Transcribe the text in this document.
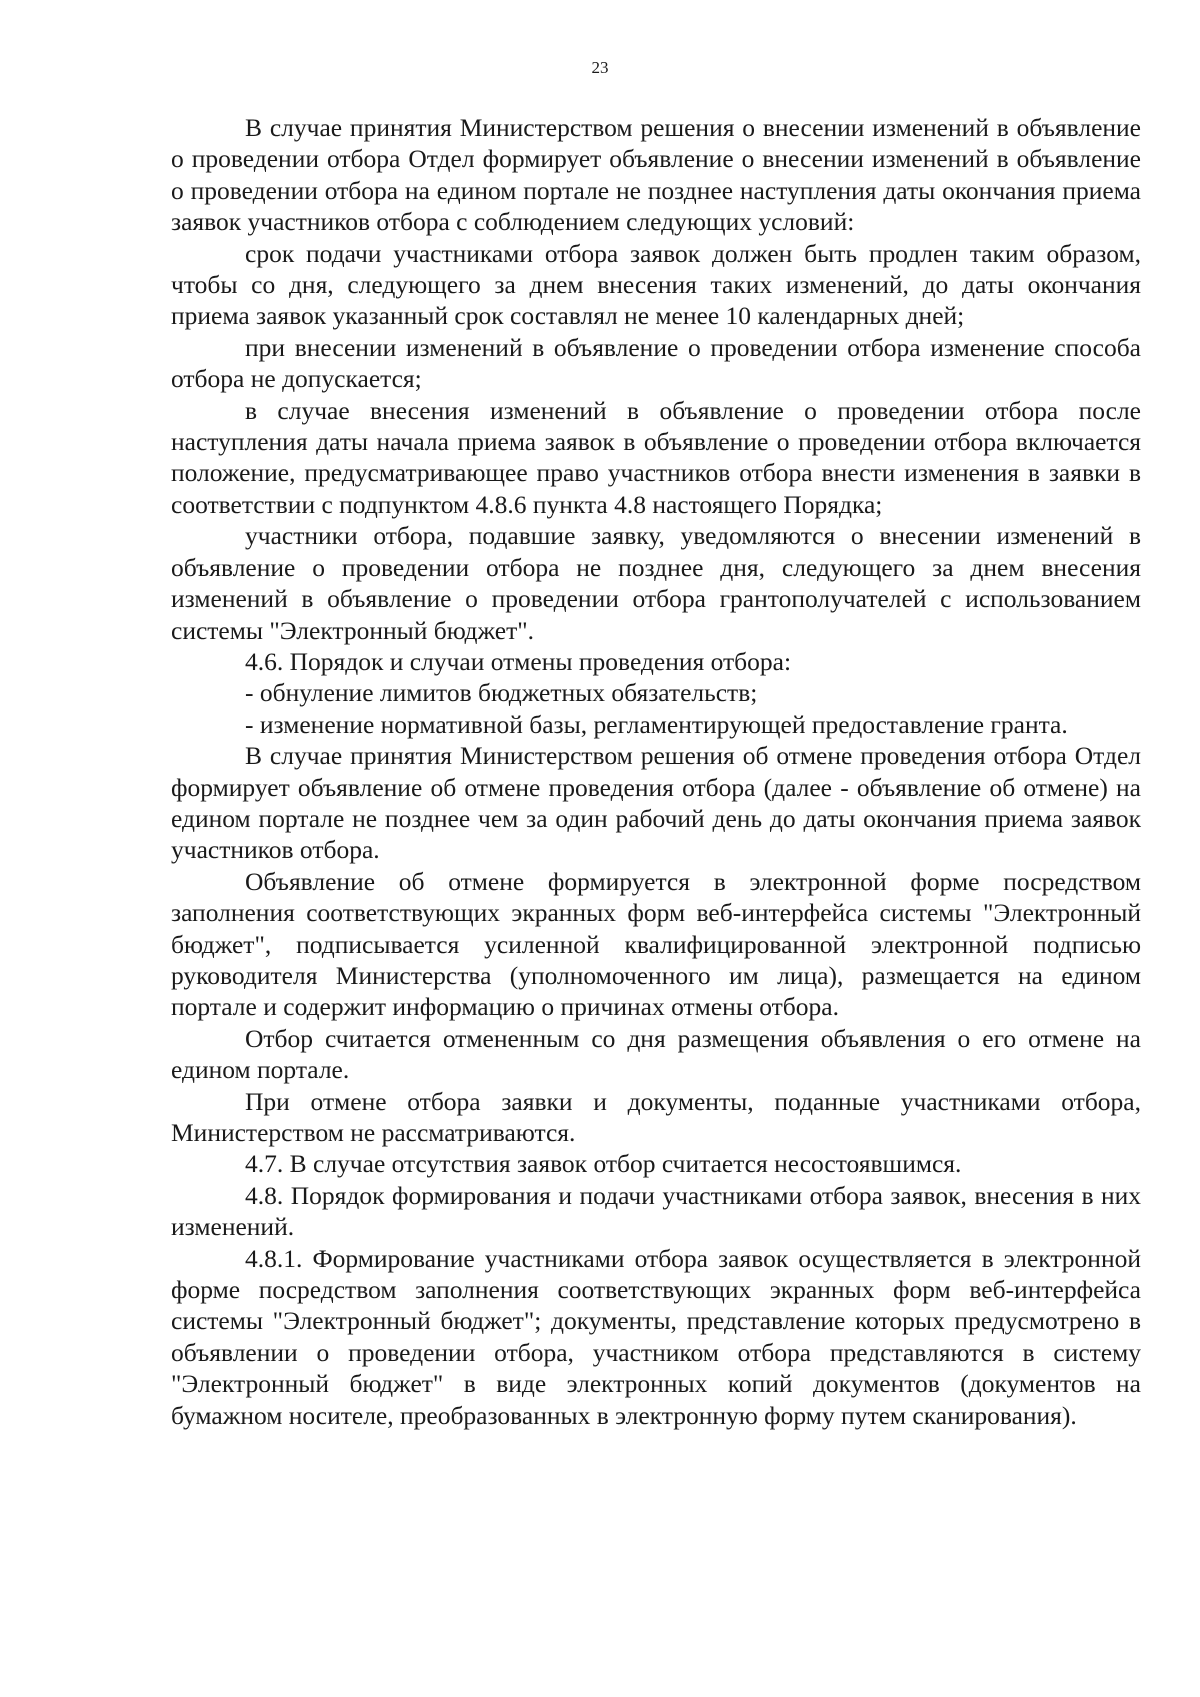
23

В случае принятия Министерством решения о внесении изменений в объявление о проведении отбора Отдел формирует объявление о внесении изменений в объявление о проведении отбора на едином портале не позднее наступления даты окончания приема заявок участников отбора с соблюдением следующих условий:

срок подачи участниками отбора заявок должен быть продлен таким образом, чтобы со дня, следующего за днем внесения таких изменений, до даты окончания приема заявок указанный срок составлял не менее 10 календарных дней;

при внесении изменений в объявление о проведении отбора изменение способа отбора не допускается;

в случае внесения изменений в объявление о проведении отбора после наступления даты начала приема заявок в объявление о проведении отбора включается положение, предусматривающее право участников отбора внести изменения в заявки в соответствии с подпунктом 4.8.6 пункта 4.8 настоящего Порядка;

участники отбора, подавшие заявку, уведомляются о внесении изменений в объявление о проведении отбора не позднее дня, следующего за днем внесения изменений в объявление о проведении отбора грантополучателей с использованием системы "Электронный бюджет".

4.6. Порядок и случаи отмены проведения отбора:

- обнуление лимитов бюджетных обязательств;

- изменение нормативной базы, регламентирующей предоставление гранта.

В случае принятия Министерством решения об отмене проведения отбора Отдел формирует объявление об отмене проведения отбора (далее - объявление об отмене) на едином портале не позднее чем за один рабочий день до даты окончания приема заявок участников отбора.

Объявление об отмене формируется в электронной форме посредством заполнения соответствующих экранных форм веб-интерфейса системы "Электронный бюджет", подписывается усиленной квалифицированной электронной подписью руководителя Министерства (уполномоченного им лица), размещается на едином портале и содержит информацию о причинах отмены отбора.

Отбор считается отмененным со дня размещения объявления о его отмене на едином портале.

При отмене отбора заявки и документы, поданные участниками отбора, Министерством не рассматриваются.

4.7. В случае отсутствия заявок отбор считается несостоявшимся.

4.8. Порядок формирования и подачи участниками отбора заявок, внесения в них изменений.

4.8.1. Формирование участниками отбора заявок осуществляется в электронной форме посредством заполнения соответствующих экранных форм веб-интерфейса системы "Электронный бюджет"; документы, представление которых предусмотрено в объявлении о проведении отбора, участником отбора представляются в систему "Электронный бюджет" в виде электронных копий документов (документов на бумажном носителе, преобразованных в электронную форму путем сканирования).
